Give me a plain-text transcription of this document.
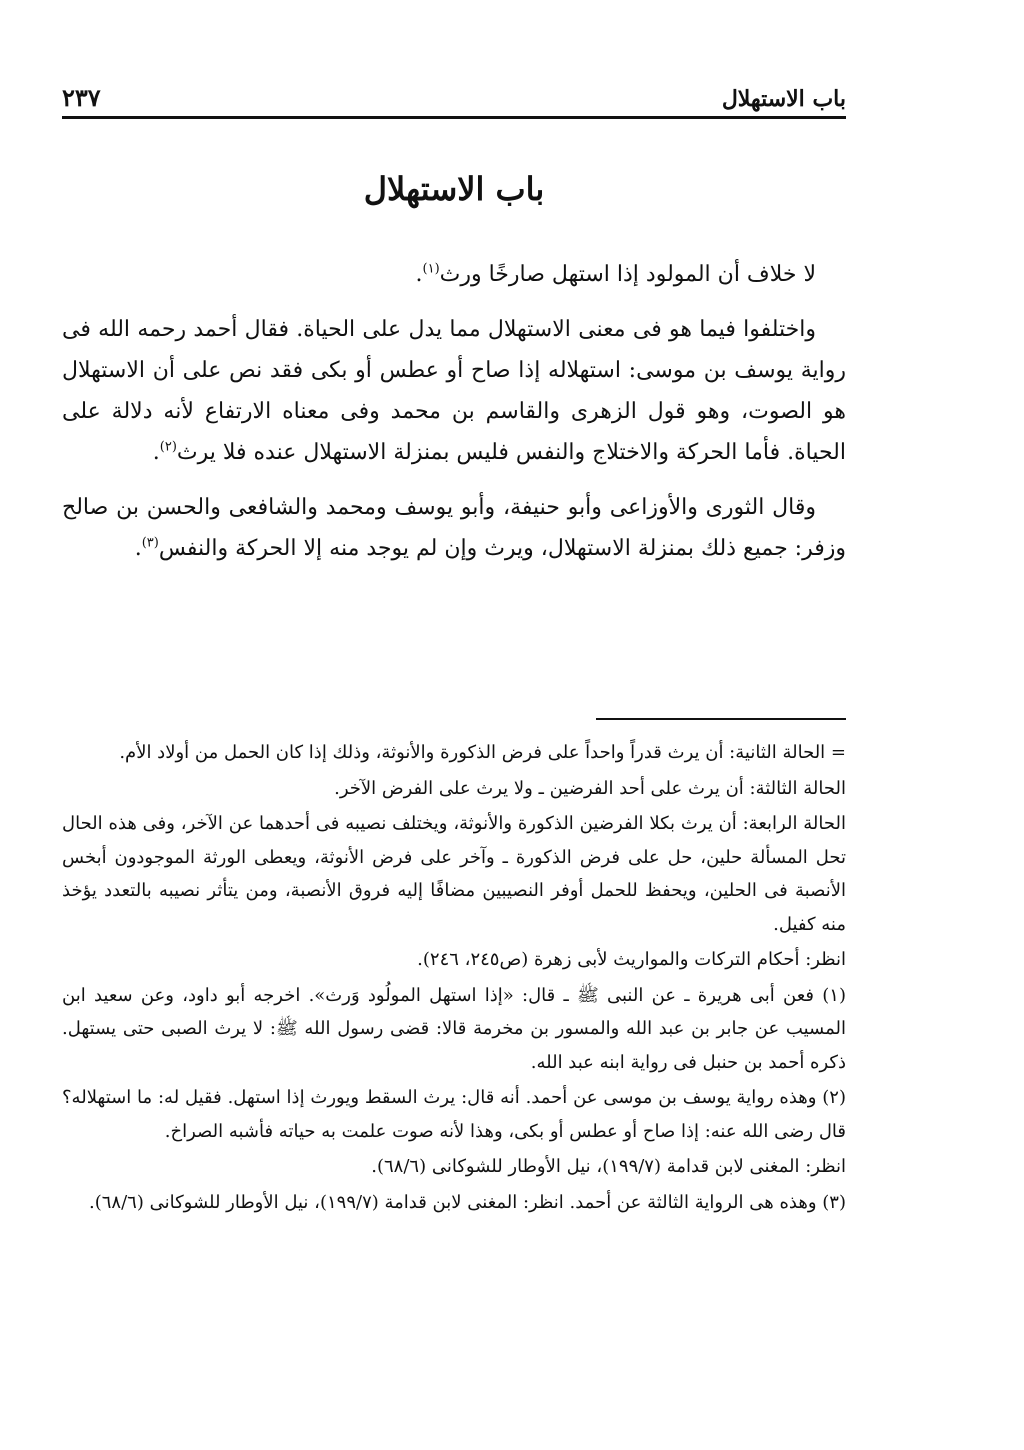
٢٣٧	باب الاستهلال
باب الاستهلال

لا خلاف أن المولود إذا استهل صارخًا ورث$^{(١)}$.

واختلفوا فيما هو فى معنى الاستهلال مما يدل على الحياة. فقال أحمد رحمه الله فى رواية يوسف بن موسى: استهلاله إذا صاح أو عطس أو بكى فقد نص على أن الاستهلال هو الصوت، وهو قول الزهرى والقاسم بن محمد وفى معناه الارتفاع لأنه دلالة على الحياة. فأما الحركة والاختلاج والنفس فليس بمنزلة الاستهلال عنده فلا يرث$^{(٢)}$.

وقال الثورى والأوزاعى وأبو حنيفة، وأبو يوسف ومحمد والشافعى والحسن بن صالح وزفر: جميع ذلك بمنزلة الاستهلال، ويرث وإن لم يوجد منه إلا الحركة والنفس$^{(٣)}$.

= الحالة الثانية: أن يرث قدراً واحداً على فرض الذكورة والأنوثة، وذلك إذا كان الحمل من أولاد الأم.

الحالة الثالثة: أن يرث على أحد الفرضين ـ ولا يرث على الفرض الآخر.

الحالة الرابعة: أن يرث بكلا الفرضين الذكورة والأنوثة، ويختلف نصيبه فى أحدهما عن الآخر، وفى هذه الحال تحل المسألة حلين، حل على فرض الذكورة ـ وآخر على فرض الأنوثة، ويعطى الورثة الموجودون أبخس الأنصبة فى الحلين، ويحفظ للحمل أوفر النصيبين مضافًا إليه فروق الأنصبة، ومن يتأثر نصيبه بالتعدد يؤخذ منه كفيل.

انظر: أحكام التركات والمواريث لأبى زهرة (ص٢٤٥، ٢٤٦).

(١) فعن أبى هريرة ـ عن النبى ﷺ ـ قال: «إذا استهل المولُود وَرث». اخرجه أبو داود، وعن سعيد ابن المسيب عن جابر بن عبد الله والمسور بن مخرمة قالا: قضى رسول الله ﷺ: لا يرث الصبى حتى يستهل. ذكره أحمد بن حنبل فى رواية ابنه عبد الله.

(٢) وهذه رواية يوسف بن موسى عن أحمد. أنه قال: يرث السقط ويورث إذا استهل. فقيل له: ما استهلاله؟ قال رضى الله عنه: إذا صاح أو عطس أو بكى، وهذا لأنه صوت علمت به حياته فأشبه الصراخ.

انظر: المغنى لابن قدامة (١٩٩/٧)، نيل الأوطار للشوكانى (٦٨/٦).

(٣) وهذه هى الرواية الثالثة عن أحمد. انظر: المغنى لابن قدامة (١٩٩/٧)، نيل الأوطار للشوكانى (٦٨/٦).
